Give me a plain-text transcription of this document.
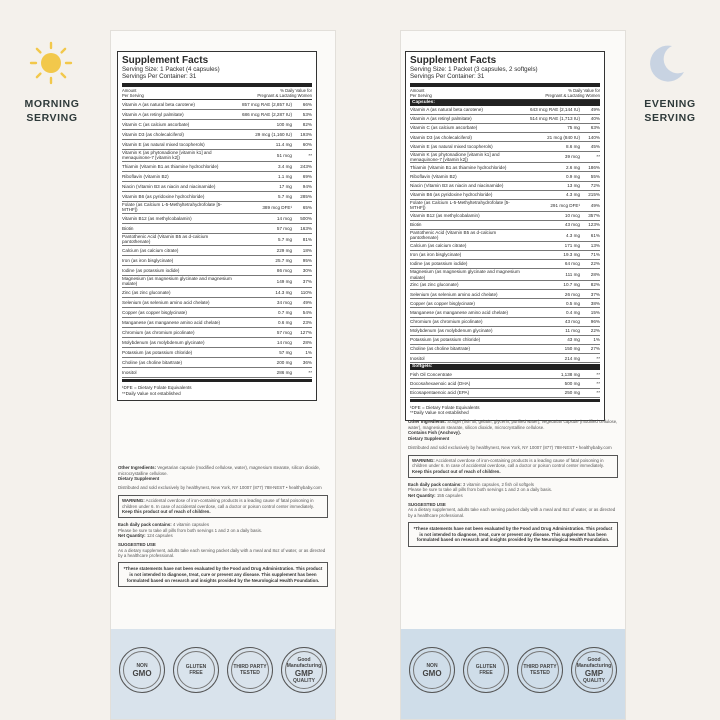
MORNING
SERVING
EVENING
SERVING
Supplement Facts
Serving Size: 1 Packet (4 capsules)
Servings Per Container: 31
Amount
Per Serving
% Daily Value for
Pregnant & Lactating Women
Vitamin A (as natural beta carotene)	857 mcg RAE (2,857 IU)	66%
Vitamin A (as retinyl palmitate)	686 mcg RAE (2,287 IU)	53%
Vitamin C (as calcium ascorbate)	100 mg	82%
Vitamin D3 (as cholecalciferol)	29 mcg (1,160 IU)	193%
Vitamin E (as natural mixed tocopherols)	11.4 mg	60%
Vitamin K (as phytonadione [vitamin k1] and menaquinone-7 [vitamin k2])
51 mcg	**
Thiamin (Vitamin B1 as thiamine hydrochloride)	3.4 mg	243%
Riboflavin (Vitamin B2)	1.1 mg	69%
Niacin (Vitamin B3 as niacin and niacinamide)	17 mg	94%
Vitamin B6 (as pyridoxine hydrochloride)	5.7 mg	285%
Folate (as Calcium L-5-Methyltetrahydrofolate [5-MTHF])
389 mcg DFE¹	65%
Vitamin B12 (as methylcobalamin)	14 mcg	500%
Biotin	57 mcg	163%
Pantothenic Acid (Vitamin B5 as d-calcium pantothenate)
5.7 mg	81%
Calcium (as calcium citrate)	229 mg	18%
Iron (as iron bisglycinate)	25.7 mg	95%
Iodine (as potassium iodide)	86 mcg	30%
Magnesium (as magnesium glycinate and magnesium malate)
149 mg	37%
Zinc (as zinc gluconate)	14.3 mg	110%
Selenium (as selenium amino acid chelate)	34 mcg	49%
Copper (as copper bisglycinate)	0.7 mg	54%
Manganese (as manganese amino acid chelate)	0.6 mg	23%
Chromium (as chromium picolinate)	57 mcg	127%
Molybdenum (as molybdenum glycinate)	14 mcg	28%
Potassium (as potassium chloride)	57 mg	1%
Choline (as choline bitartrate)	200 mg	36%
Inositol	286 mg	**
¹DFE = Dietary Folate Equivalents
**Daily Value not established

Other Ingredients: Vegetarian capsule (modified cellulose, water), magnesium stearate, silicon dioxide, microcrystalline cellulose.
Dietary Supplement

Distributed and sold exclusively by healthynest, New York, NY 10007 (877) 788-NEST • healthybaby.com

WARNING: Accidental overdose of iron-containing products is a leading cause of fatal poisoning in children under 6. In case of accidental overdose, call a doctor or poison control center immediately. Keep this product out of reach of children.

Each daily pack contains: 4 vitamin capsules
Please be sure to take all pills from both servings 1 and 2 on a daily basis.
Net Quantity: 124 capsules

SUGGESTED USE
As a dietary supplement, adults take each serving packet daily with a meal and 8oz of water, or as directed by a healthcare professional.

*These statements have not been evaluated by the Food and Drug Administration. This product is not intended to diagnose, treat, cure or prevent any disease. This supplement has been formulated based on research and insights provided by the Neurological Health Foundation.
NON
GMO
GLUTEN
FREE
THIRD PARTY
TESTED
Good Manufacturing
GMP
QUALITY
Supplement Facts
Serving Size: 1 Packet (3 capsules, 2 softgels)
Servings Per Container: 31
Amount
Per Serving
% Daily Value for
Pregnant & Lactating Women
Capsules:
Vitamin A (as natural beta carotene)	643 mcg RAE (2,144 IU)	49%
Vitamin A (as retinyl palmitate)	514 mcg RAE (1,713 IU)	40%
Vitamin C (as calcium ascorbate)	75 mg	63%
Vitamin D3 (as cholecalciferol)	21 mcg (840 IU)	140%
Vitamin E (as natural mixed tocopherols)	8.6 mg	45%
Vitamin K (as phytonadione [vitamin k1] and menaquinone-7 [vitamin k2])
39 mcg	**
Thiamin (Vitamin B1 as thiamine hydrochloride)	2.6 mg	186%
Riboflavin (Vitamin B2)	0.9 mg	55%
Niacin (Vitamin B3 as niacin and niacinamide)	13 mg	72%
Vitamin B6 (as pyridoxine hydrochloride)	4.3 mg	215%
Folate (as Calcium L-5-Methyltetrahydrofolate [5-MTHF])
291 mcg DFE¹	49%
Vitamin B12 (as methylcobalamin)	10 mcg	357%
Biotin	43 mcg	123%
Pantothenic Acid (Vitamin B5 as d-calcium pantothenate)
4.3 mg	61%
Calcium (as calcium citrate)	171 mg	13%
Iron (as iron bisglycinate)	19.3 mg	71%
Iodine (as potassium iodide)	64 mcg	22%
Magnesium (as magnesium glycinate and magnesium malate)
111 mg	28%
Zinc (as zinc gluconate)	10.7 mg	82%
Selenium (as selenium amino acid chelate)	26 mcg	37%
Copper (as copper bisglycinate)	0.5 mg	38%
Manganese (as manganese amino acid chelate)	0.4 mg	15%
Chromium (as chromium picolinate)	43 mcg	96%
Molybdenum (as molybdenum glycinate)	11 mcg	22%
Potassium (as potassium chloride)	43 mg	1%
Choline (as choline bitartrate)	150 mg	27%
Inositol	214 mg	**
Softgels:
Fish Oil Concentrate	1,138 mg	**
Docosahexaenoic acid (DHA)	500 mg	**
Eicosapentaenoic acid (EPA)	250 mg	**
¹DFE = Dietary Folate Equivalents
**Daily Value not established

Other Ingredients: Softgel (fish oil, gelatin, glycerin, purified water), vegetarian capsule (modified cellulose, water), magnesium stearate, silicon dioxide, microcrystalline cellulose.
Contains Fish (Anchovy).
Dietary Supplement

Distributed and sold exclusively by healthynest, New York, NY 10007 (877) 788-NEST • healthybaby.com

WARNING: Accidental overdose of iron-containing products is a leading cause of fatal poisoning in children under 6. In case of accidental overdose, call a doctor or poison control center immediately. Keep this product out of reach of children.

Each daily pack contains: 3 vitamin capsules, 2 fish oil softgels
Please be sure to take all pills from both servings 1 and 2 on a daily basis.
Net Quantity: 155 capsules

SUGGESTED USE
As a dietary supplement, adults take each serving packet daily with a meal and 8oz of water, or as directed by a healthcare professional.

*These statements have not been evaluated by the Food and Drug Administration. This product is not intended to diagnose, treat, cure or prevent any disease. This supplement has been formulated based on research and insights provided by the Neurological Health Foundation.
NON
GMO
GLUTEN
FREE
THIRD PARTY
TESTED
Good Manufacturing
GMP
QUALITY
